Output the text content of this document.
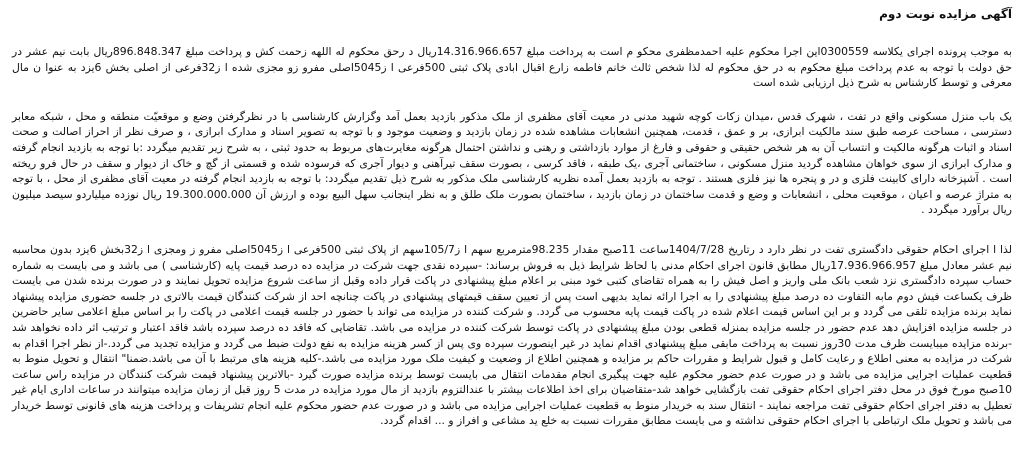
آگهی مزایده نوبت دوم

به موجب پرونده اجرای یکلاسه 0300559این اجرا محکوم علیه احمدمظفری محکو م است به پرداخت مبلغ 14.316.966.657ریال د رحق محکوم له اللهه زحمت کش و پرداخت مبلغ 896.848.347ریال بابت نیم عشر در حق دولت با توجه به عدم پرداخت مبلغ محکوم به در حق محکوم له لذا شخص ثالث خانم فاطمه زارع اقبال ابادی پلاک ثبتی 500فرعی ا ز5045اصلی مفرو زو مجزی شده ا ز32فرعی از اصلی بخش 6یزد به عنوا ن مال معرفی و توسط کارشناس به شرح ذیل ارزیابی شده است

یک باب منزل مسکونی واقع در تفت ، شهرک قدس ،میدان زکات کوچه شهید مدنی در معیت آقای مظفری از ملک مذکور بازدید بعمل آمد وگزارش کارشناسی با در نظرگرفتن وضع و موقعیّت منطقه و محل ، شبکه معابر دسترسی ، مساحت عرصه طبق سند مالکیت ابرازی، بر و عمق ، قدمت، همچنین انشعابات مشاهده شده در زمان بازدید و وضعیت موجود و با توجه به تصویر اسناد و مدارک ابرازی ، و صرف نظر از احراز اصالت و صحت اسناد و اثبات هرگونه مالکیت و انتساب آن به هر شخص حقیقی و حقوقی و فارغ از موارد بازداشتی و رهنی و نداشتن احتمال هرگونه مغایرت‌های مربوط به حدود ثبتی ، به شرح زیر تقدیم میگردد :با توجه به بازدید انجام گرفته و مدارک ابرازی از سوی خواهان مشاهده گردید منزل مسکونی ، ساختمانی آجری ،یک طبقه ، فاقد کرسی ، بصورت سقف تیرآهنی و دیوار آجری که فرسوده شده و قسمتی از گچ و خاک از دیوار و سقف در حال فرو ریخته است . آشپزخانه دارای کابینت فلزی و در و پنجره ها نیز فلزی هستند . توجه به بازدید بعمل آمده نظریه کارشناسی ملک مذکور به شرح ذیل تقدیم میگردد: با توجه به بازدید انجام گرفته در معیت آقای مظفری از محل ، با توجه به متراژ عرصه و اعیان ، موقعیت محلی ، انشعابات و وضع و قدمت ساختمان در زمان بازدید ، ساختمان بصورت ملک طلق و به نظر اینجانب سهل البیع بوده و ارزش آن 19.300.000.000 ریال نوزده میلیاردو سیصد میلیون ریال برآورد میگردد .

لذا ا اجرای احکام حقوقی دادگستری تفت در نظر دارد د رتاریخ 1404/7/28ساعت 11صبح مقدار 98.235مترمربع سهم ا ز105/7سهم از پلاک ثبتی 500فرعی ا ز5045اصلی مفرو ز ومجزی ا ز32بخش 6یزد بدون محاسبه نیم عشر معادل مبلغ 17.936.966.957ریال مطابق قانون اجرای احکام مدنی با لحاظ شرایط ذیل به فروش برساند: -سپرده نقدی جهت شرکت در مزایده ده درصد قیمت پایه (کارشناسی ) می باشد و می بایست به شماره حساب سپرده دادگستری نزد شعب بانک ملی واریز و اصل فیش را به همراه تقاضای کتبی خود مبنی بر اعلام مبلغ پیشنهادی در پاکت قرار داده وقبل از ساعت شروع مزایده تحویل نمایند و در صورت برنده شدن می بایست ظرف یکساعت فیش دوم مابه التفاوت ده درصد مبلغ پیشنهادی را به اجرا ارائه نماید بدیهی است پس از تعیین سقف قیمتهای پیشنهادی در پاکت چنانچه احد از شرکت کنندگان قیمت بالاتری در جلسه حضوری مزایده پیشنهاد نماید برنده مزایده تلقی می گردد و بر این اساس قیمت اعلام شده در پاکت قیمت پایه محسوب می گردد. و شرکت کننده در مزایده می تواند با حضور در جلسه قیمت اعلامی در پاکت را بر اساس مبلغ اعلامی سایر حاضرین در جلسه مزایده افزایش دهد عدم حضور در جلسه مزایده بمنزله قطعی بودن مبلغ پیشنهادی در پاکت توسط شرکت کننده در مزایده می باشد. تقاضایی که فاقد ده درصد سپرده باشد فاقد اعتبار و ترتیب اثر داده نخواهد شد -برنده مزایده میبایست ظرف مدت 30روز نسبت به پرداخت مابقی مبلغ پیشنهادی اقدام نماید در غیر اینصورت سپرده وی پس از کسر هزینه مزایده به نفع دولت ضبط می گردد و مزایده تجدید می گردد.-از نظر اجرا اقدام به شرکت در مزایده به معنی اطلاع و رعایت کامل و قبول شرایط و مقررات حاکم بر مزایده و همچنین اطلاع از وضعیت و کیفیت ملک مورد مزایده می باشد.-کلیه هزینه های مرتبط با آن می باشد.ضمنا" انتقال و تحویل منوط به قطعیت عملیات اجرایی مزایده می باشد و در صورت عدم حضور محکوم علیه جهت پیگیری انجام مقدمات انتقال می بایست توسط برنده مزایده صورت گیرد -بالاترین پیشنهاد قیمت شرکت کنندگان در مزایده راس ساعت 10صبح مورخ فوق در محل دفتر اجرای احکام حقوقی تفت بازگشایی خواهد شد-متقاضیان برای اخذ اطلاعات بیشتر با عندالتزوم بازدید از مال مورد مزایده در مدت 5 روز قبل از زمان مزایده میتوانند در ساعات اداری ایام غیر تعطیل به دفتر اجرای احکام حقوقی تفت مراجعه نمایند - انتقال سند به خریدار منوط به قطعیت عملیات اجرایی مزایده می باشد و در صورت عدم حضور محکوم علیه انجام تشریفات و پرداخت هزینه های قانونی توسط خریدار می باشد و تحویل ملک ارتباطی با اجرای احکام حقوقی نداشته و می بایست مطابق مقررات نسبت به خلع ید مشاعی و افراز و ... اقدام گردد.
